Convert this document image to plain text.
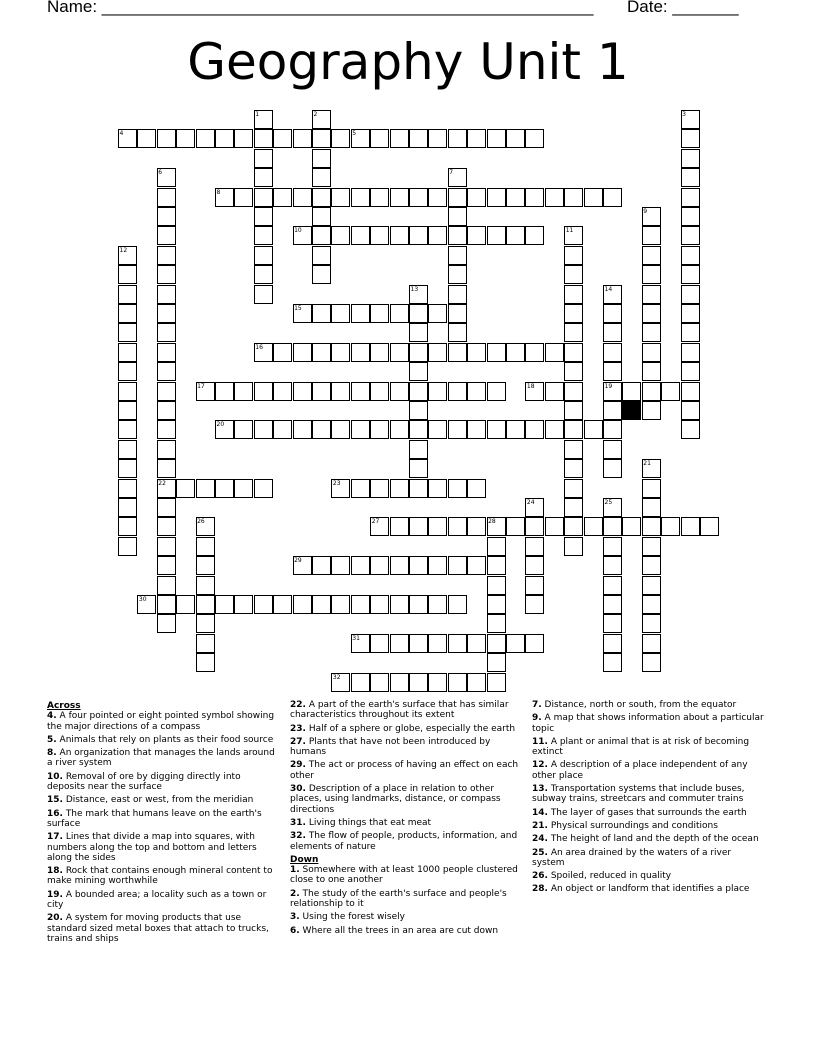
Name: ____________________________________________________ Date: _______
Geography Unit 1
1	2	3
4	5
6	7
8
9
10	11
12
13	14
15
16
17	18	19
20
21
22	23
24	25
26	27	28
29
30
31
32
Across
4. A four pointed or eight pointed symbol showing the major directions of a compass
5. Animals that rely on plants as their food source
8. An organization that manages the lands around a river system
10. Removal of ore by digging directly into deposits near the surface
15. Distance, east or west, from the meridian
16. The mark that humans leave on the earth's surface
17. Lines that divide a map into squares, with numbers along the top and bottom and letters along the sides
18. Rock that contains enough mineral content to make mining worthwhile
19. A bounded area; a locality such as a town or city
20. A system for moving products that use standard sized metal boxes that attach to trucks, trains and ships
22. A part of the earth's surface that has similar characteristics throughout its extent
23. Half of a sphere or globe, especially the earth
27. Plants that have not been introduced by humans
29. The act or process of having an effect on each other
30. Description of a place in relation to other places, using landmarks, distance, or compass directions
31. Living things that eat meat
32. The flow of people, products, information, and elements of nature
Down
1. Somewhere with at least 1000 people clustered close to one another
2. The study of the earth's surface and people's relationship to it
3. Using the forest wisely
6. Where all the trees in an area are cut down
7. Distance, north or south, from the equator
9. A map that shows information about a particular topic
11. A plant or animal that is at risk of becoming extinct
12. A description of a place independent of any other place
13. Transportation systems that include buses, subway trains, streetcars and commuter trains
14. The layer of gases that surrounds the earth
21. Physical surroundings and conditions
24. The height of land and the depth of the ocean
25. An area drained by the waters of a river system
26. Spoiled, reduced in quality
28. An object or landform that identifies a place
